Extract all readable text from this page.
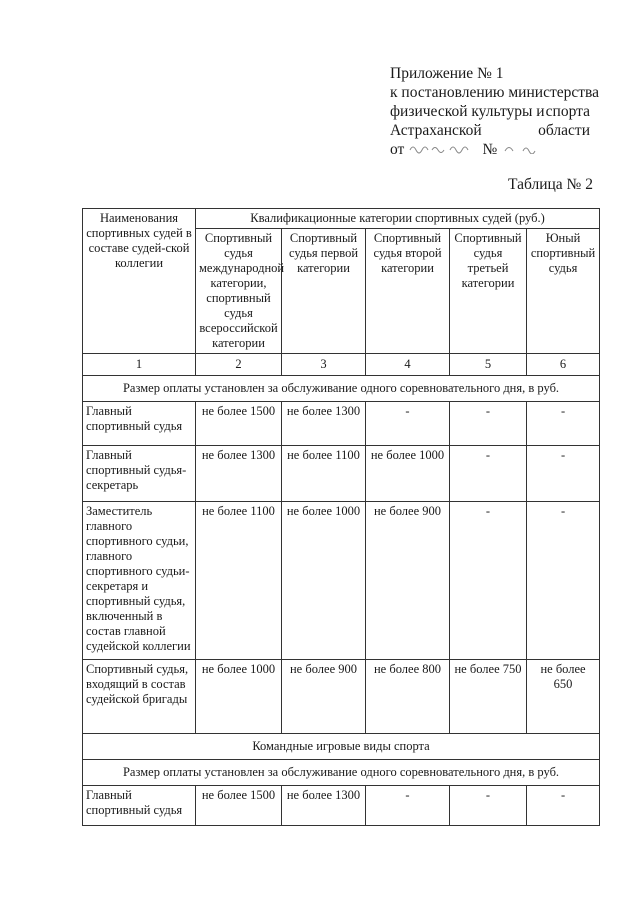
Приложение № 1
к постановлению министерства
физической культуры и спорта
Астраханской	области
от	№
Таблица № 2
Наименования спортивных судей в составе судей-ской коллегии	Квалификационные категории спортивных судей (руб.)				
	Спортивный судья международной категории, спортивный судья всероссийской категории	Спортивный судья первой категории	Спортивный судья второй категории	Спортивный судья третьей категории	Юный спортивный судья
1	2	3	4	5	6
Размер оплаты установлен за обслуживание одного соревновательного дня, в руб.					
Главный спортивный судья	не более 1500	не более 1300	-	-	-
Главный спортивный судья-секретарь	не более 1300	не более 1100	не более 1000	-	-
Заместитель главного спортивного судьи, главного спортивного судьи-секретаря и спортивный судья, включенный в состав главной судейской коллегии	не более 1100	не более 1000	не более 900	-	-
Спортивный судья, входящий в состав судейской бригады	не более 1000	не более 900	не более 800	не более 750	не более 650
Командные игровые виды спорта					
Размер оплаты установлен за обслуживание одного соревновательного дня, в руб.					
Главный спортивный судья	не более 1500	не более 1300	-	-	-
